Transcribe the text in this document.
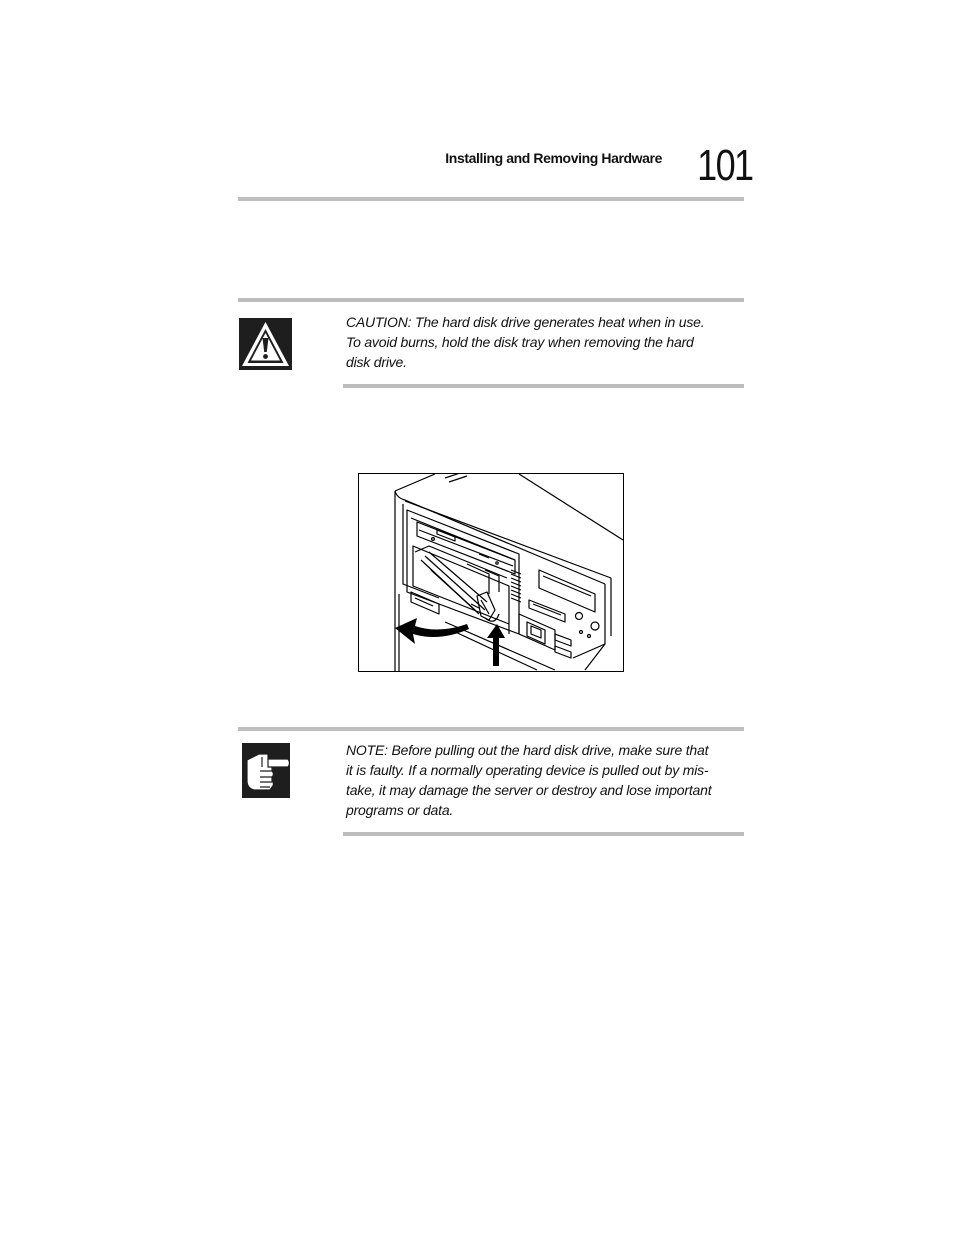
Installing and Removing Hardware 101
CAUTION: The hard disk drive generates heat when in use. To avoid burns, hold the disk tray when removing the hard disk drive.
NOTE: Before pulling out the hard disk drive, make sure that it is faulty. If a normally operating device is pulled out by mis-take, it may damage the server or destroy and lose important programs or data.
